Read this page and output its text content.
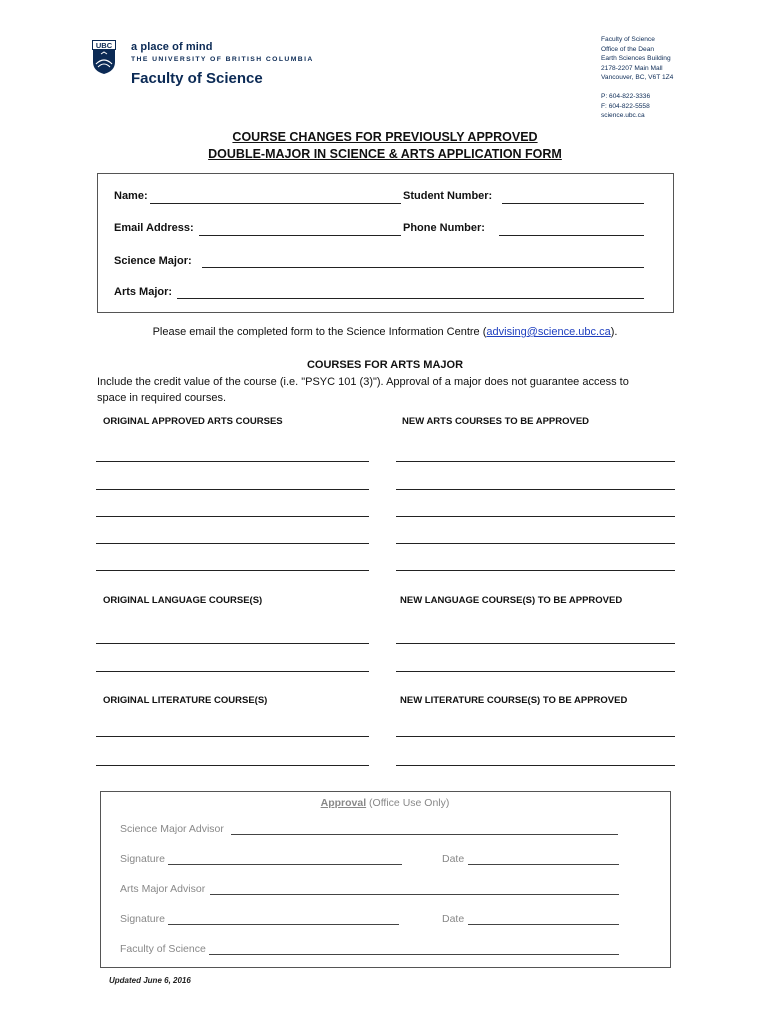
UBC a place of mind
THE UNIVERSITY OF BRITISH COLUMBIA
Faculty of Science
Faculty of Science
Office of the Dean
Earth Sciences Building
2178-2207 Main Mall
Vancouver, BC, V6T 1Z4
P: 604-822-3336
F: 604-822-5558
science.ubc.ca
COURSE CHANGES FOR PREVIOUSLY APPROVED
DOUBLE-MAJOR IN SCIENCE & ARTS APPLICATION FORM
Name:	Student Number:
Email Address:	Phone Number:
Science Major:
Arts Major:
Please email the completed form to the Science Information Centre (advising@science.ubc.ca).
COURSES FOR ARTS MAJOR
Include the credit value of the course (i.e. "PSYC 101 (3)"). Approval of a major does not guarantee access to space in required courses.
ORIGINAL APPROVED ARTS COURSES	NEW ARTS COURSES TO BE APPROVED
ORIGINAL LANGUAGE COURSE(S)	NEW LANGUAGE COURSE(S) TO BE APPROVED
ORIGINAL LITERATURE COURSE(S)	NEW LITERATURE COURSE(S) TO BE APPROVED
Approval (Office Use Only)
Science Major Advisor
Signature	Date
Arts Major Advisor
Signature	Date
Faculty of Science
Updated June 6, 2016
